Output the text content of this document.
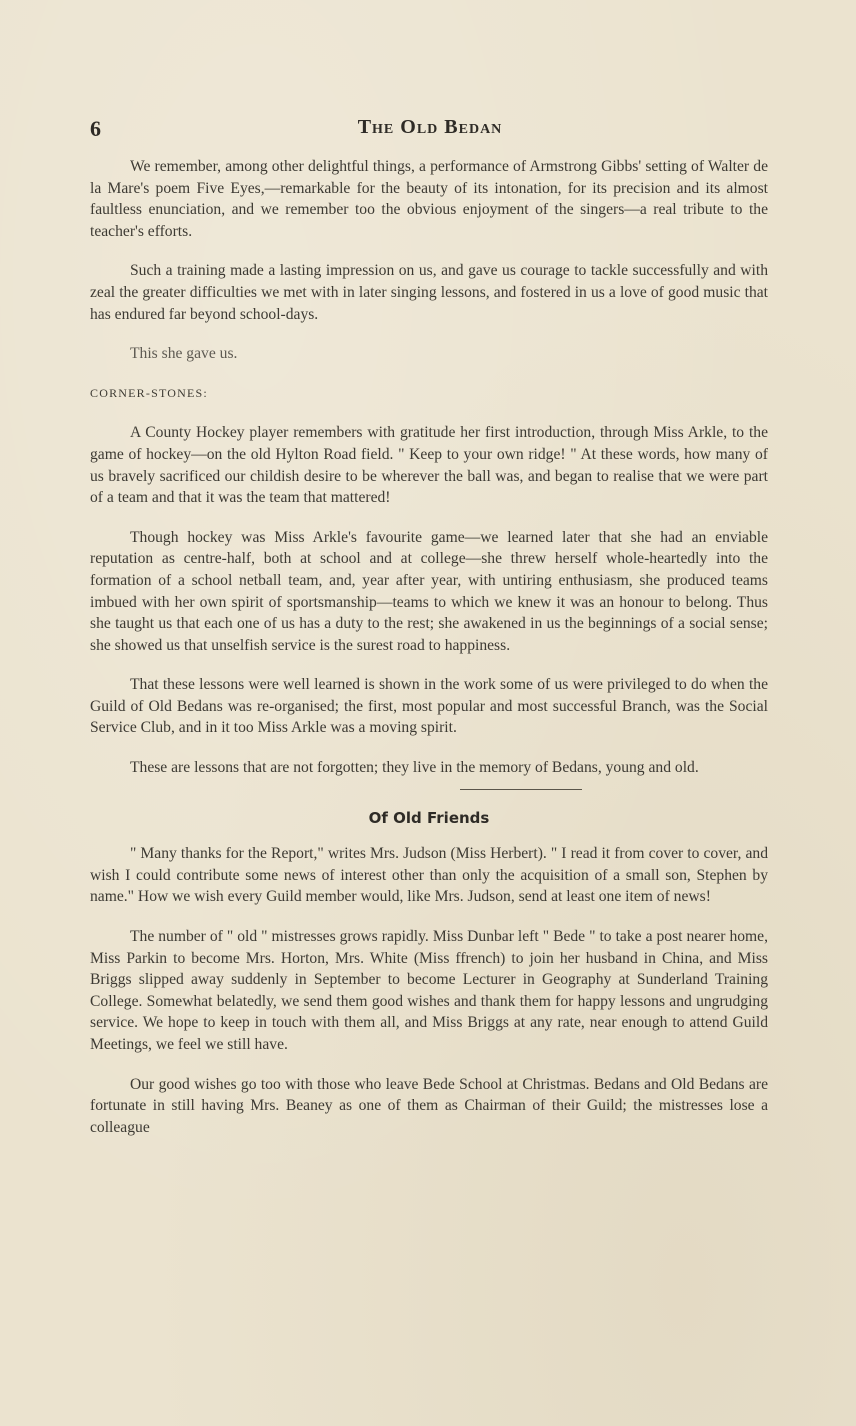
6	The Old Bedan

We remember, among other delightful things, a performance of Armstrong Gibbs' setting of Walter de la Mare's poem Five Eyes,—remarkable for the beauty of its intonation, for its precision and its almost faultless enunciation, and we remember too the obvious enjoyment of the singers—a real tribute to the teacher's efforts.

Such a training made a lasting impression on us, and gave us courage to tackle successfully and with zeal the greater difficulties we met with in later singing lessons, and fostered in us a love of good music that has endured far beyond school-days.

This she gave us.

CORNER-STONES:

A County Hockey player remembers with gratitude her first introduction, through Miss Arkle, to the game of hockey—on the old Hylton Road field. " Keep to your own ridge! " At these words, how many of us bravely sacrificed our childish desire to be wherever the ball was, and began to realise that we were part of a team and that it was the team that mattered!

Though hockey was Miss Arkle's favourite game—we learned later that she had an enviable reputation as centre-half, both at school and at college—she threw herself whole-heartedly into the formation of a school netball team, and, year after year, with untiring enthusiasm, she produced teams imbued with her own spirit of sportsmanship—teams to which we knew it was an honour to belong. Thus she taught us that each one of us has a duty to the rest; she awakened in us the beginnings of a social sense; she showed us that unselfish service is the surest road to happiness.

That these lessons were well learned is shown in the work some of us were privileged to do when the Guild of Old Bedans was re-organised; the first, most popular and most successful Branch, was the Social Service Club, and in it too Miss Arkle was a moving spirit.

These are lessons that are not forgotten; they live in the memory of Bedans, young and old.

Of Old Friends

" Many thanks for the Report," writes Mrs. Judson (Miss Herbert). " I read it from cover to cover, and wish I could contribute some news of interest other than only the acquisition of a small son, Stephen by name." How we wish every Guild member would, like Mrs. Judson, send at least one item of news!

The number of " old " mistresses grows rapidly. Miss Dunbar left " Bede " to take a post nearer home, Miss Parkin to become Mrs. Horton, Mrs. White (Miss ffrench) to join her husband in China, and Miss Briggs slipped away suddenly in September to become Lecturer in Geography at Sunderland Training College. Somewhat belatedly, we send them good wishes and thank them for happy lessons and ungrudging service. We hope to keep in touch with them all, and Miss Briggs at any rate, near enough to attend Guild Meetings, we feel we still have.

Our good wishes go too with those who leave Bede School at Christmas. Bedans and Old Bedans are fortunate in still having Mrs. Beaney as one of them as Chairman of their Guild; the mistresses lose a colleague
